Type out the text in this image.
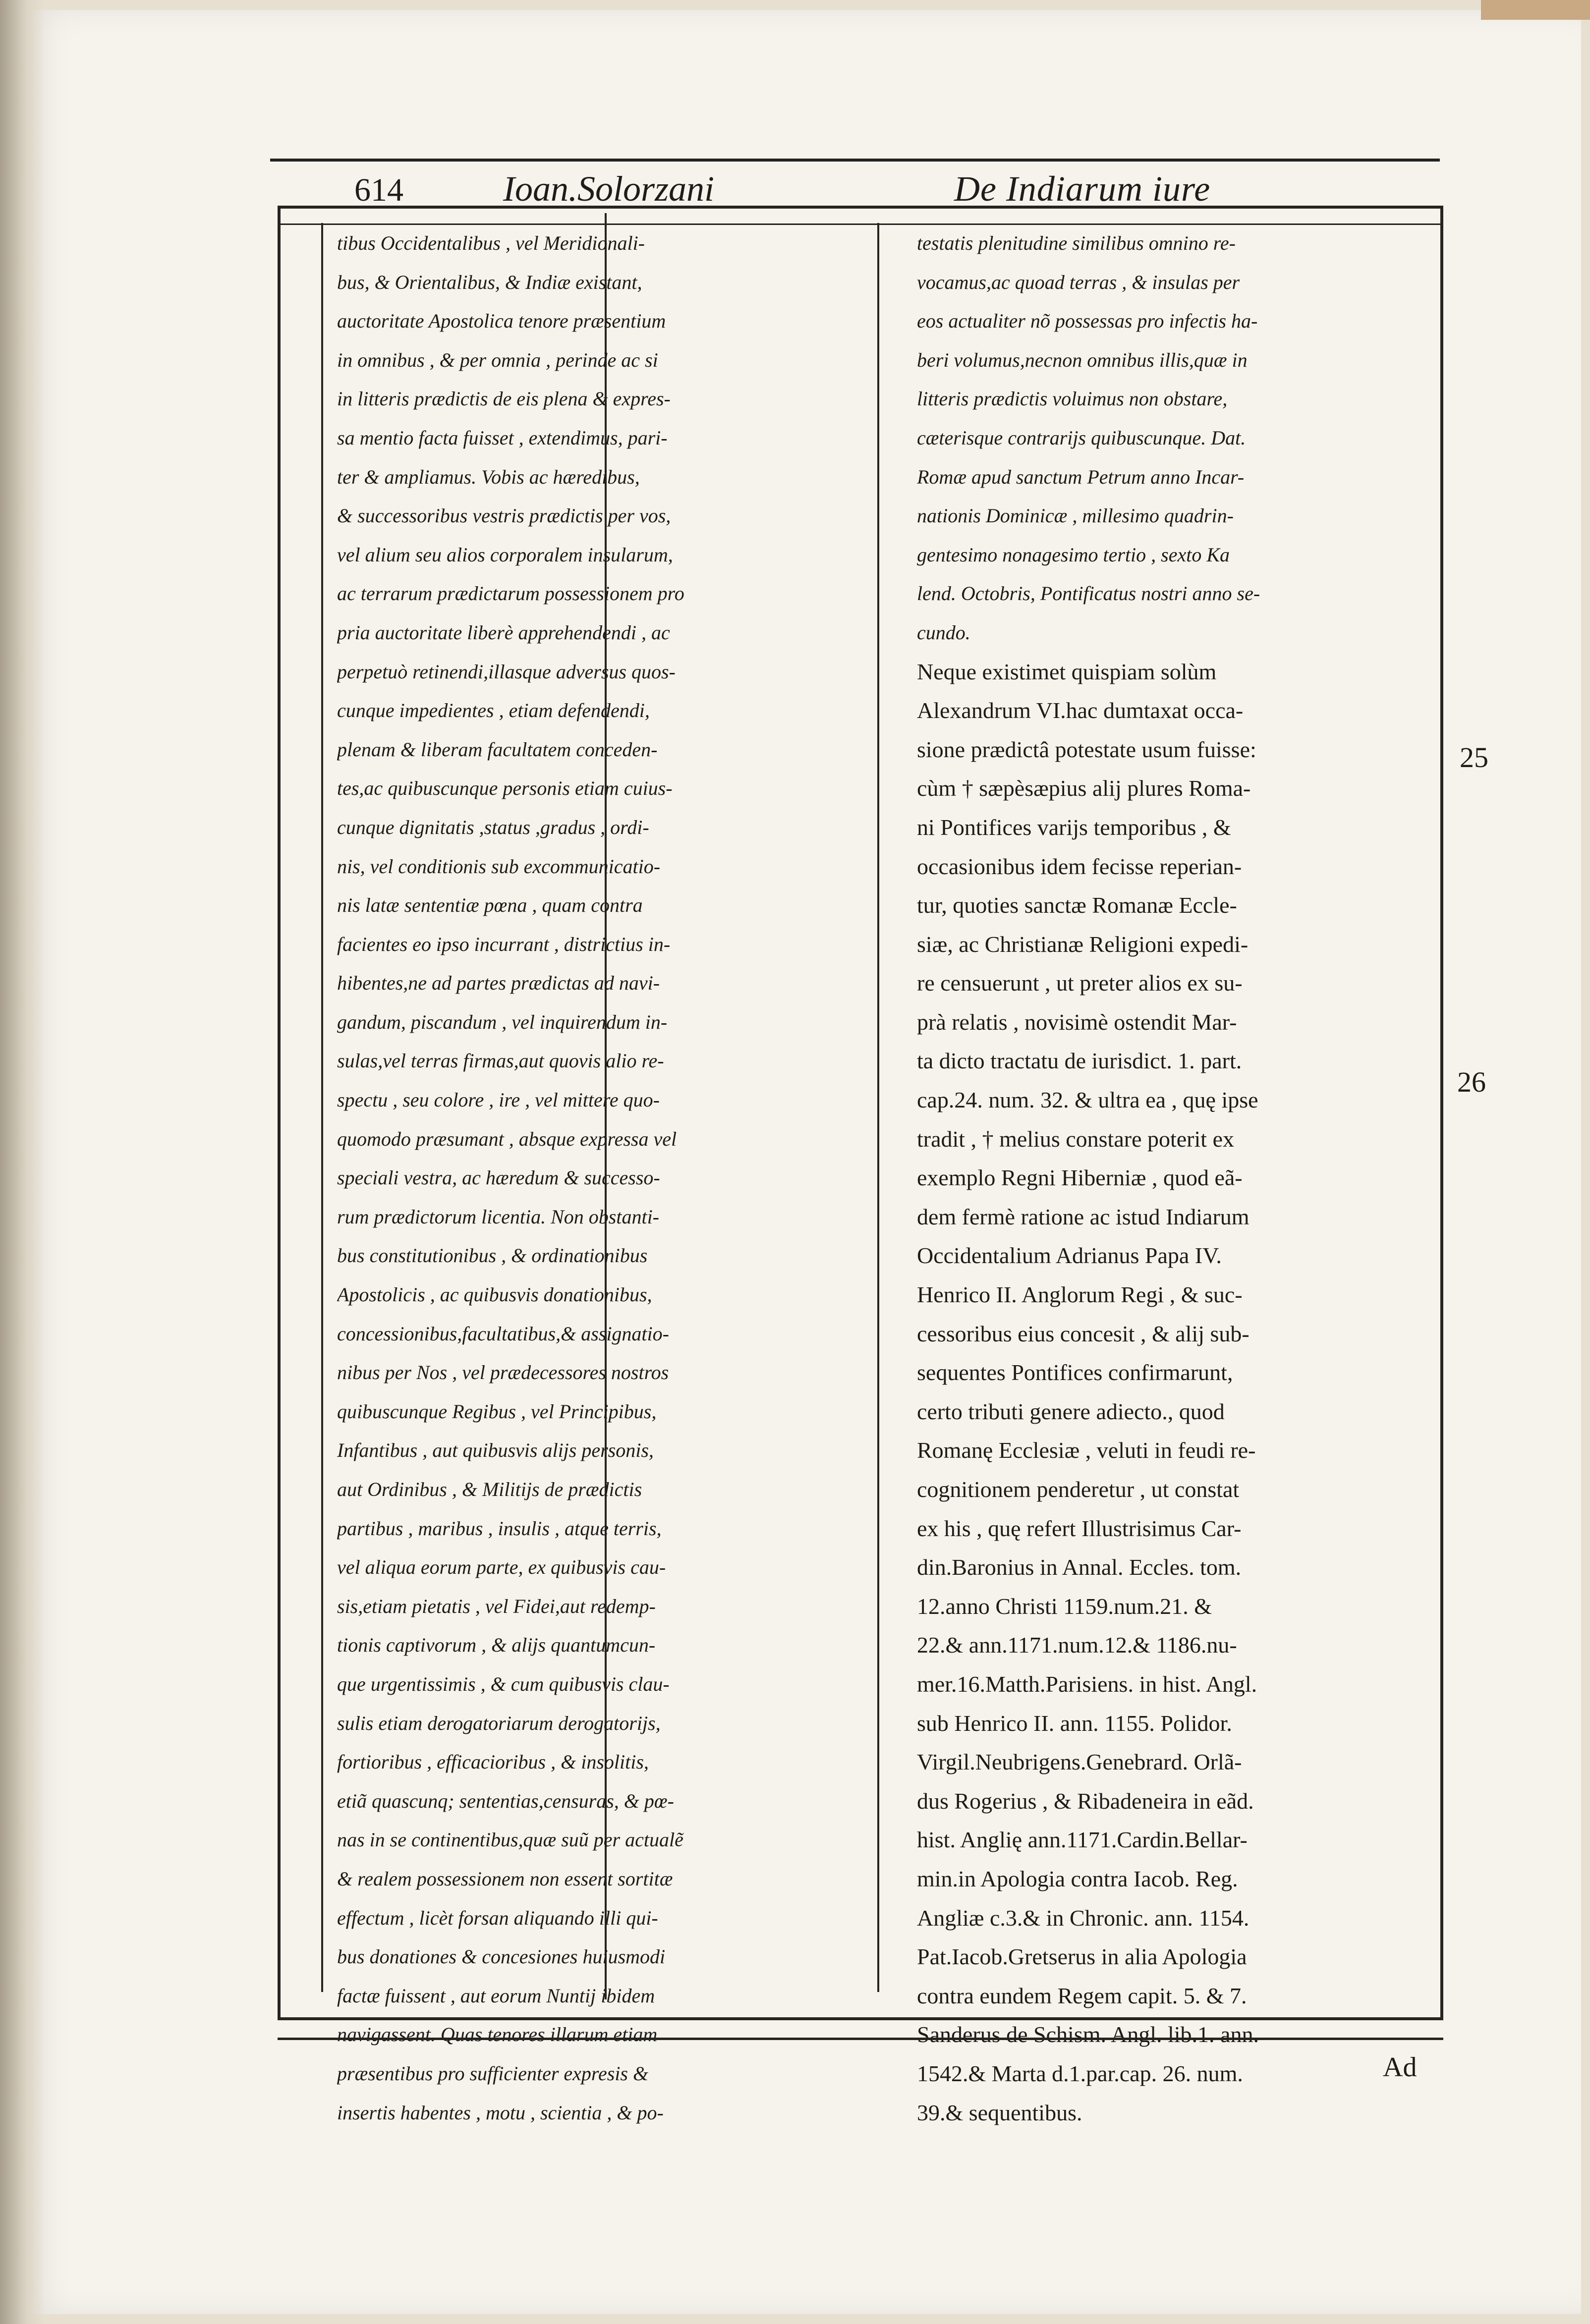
614	Ioan.Solorzani	De Indiarum iure
tibus Occidentalibus , vel Meridionali-
bus, & Orientalibus, & Indiæ existant,
auctoritate Apostolica tenore præsentium
in omnibus , & per omnia , perinde ac si
in litteris prædictis de eis plena & expres-
sa mentio facta fuisset , extendimus, pari-
ter & ampliamus. Vobis ac hæredibus,
& successoribus vestris prædictis per vos,
vel alium seu alios corporalem insularum,
ac terrarum prædictarum possessionem pro
pria auctoritate liberè apprehendendi , ac
perpetuò retinendi,illasque adversus quos-
cunque impedientes , etiam defendendi,
plenam & liberam facultatem conceden-
tes,ac quibuscunque personis etiam cuius-
cunque dignitatis ,status ,gradus , ordi-
nis, vel conditionis sub excommunicatio-
nis latæ sententiæ pœna , quam contra
facientes eo ipso incurrant , districtius in-
hibentes,ne ad partes prædictas ad navi-
gandum, piscandum , vel inquirendum in-
sulas,vel terras firmas,aut quovis alio re-
spectu , seu colore , ire , vel mittere quo-
quomodo præsumant , absque expressa vel
speciali vestra, ac hæredum & successo-
rum prædictorum licentia. Non obstanti-
bus constitutionibus , & ordinationibus
Apostolicis , ac quibusvis donationibus,
concessionibus,facultatibus,& assignatio-
nibus per Nos , vel prædecessores nostros
quibuscunque Regibus , vel Principibus,
Infantibus , aut quibusvis alijs personis,
aut Ordinibus , & Militijs de prædictis
partibus , maribus , insulis , atque terris,
vel aliqua eorum parte, ex quibusvis cau-
sis,etiam pietatis , vel Fidei,aut redemp-
tionis captivorum , & alijs quantumcun-
que urgentissimis , & cum quibusvis clau-
sulis etiam derogatoriarum derogatorijs,
fortioribus , efficacioribus , & insolitis,
etiã quascunq; sententias,censuras, & pœ-
nas in se continentibus,quæ suũ per actualẽ
& realem possessionem non essent sortitæ
effectum , licèt forsan aliquando illi qui-
bus donationes & concesiones huiusmodi
factæ fuissent , aut eorum Nuntij ibidem
navigassent. Quas tenores illarum etiam
præsentibus pro sufficienter expresis &
insertis habentes , motu , scientia , & po-
testatis plenitudine similibus omnino re-
vocamus,ac quoad terras , & insulas per
eos actualiter nõ possessas pro infectis ha-
beri volumus,necnon omnibus illis,quæ in
litteris prædictis voluimus non obstare,
cæterisque contrarijs quibuscunque. Dat.
Romæ apud sanctum Petrum anno Incar-
nationis Dominicæ , millesimo quadrin-
gentesimo nonagesimo tertio , sexto Ka
lend. Octobris, Pontificatus nostri anno se-
cundo.
Neque existimet quispiam solùm
Alexandrum VI.hac dumtaxat occa-
sione prædictâ potestate usum fuisse:
cùm † sæpèsæpius alij plures Roma-
ni Pontifices varijs temporibus , &
occasionibus idem fecisse reperian-
tur, quoties sanctæ Romanæ Eccle-
siæ, ac Christianæ Religioni expedi-
re censuerunt , ut preter alios ex su-
prà relatis , novisimè ostendit Mar-
ta dicto tractatu de iurisdict. 1. part.
cap.24. num. 32. & ultra ea , quę ipse
tradit , † melius constare poterit ex
exemplo Regni Hiberniæ , quod eã-
dem fermè ratione ac istud Indiarum
Occidentalium Adrianus Papa IV.
Henrico II. Anglorum Regi , & suc-
cessoribus eius concesit , & alij sub-
sequentes Pontifices confirmarunt,
certo tributi genere adiecto., quod
Romanę Ecclesiæ , veluti in feudi re-
cognitionem penderetur , ut constat
ex his , quę refert Illustrisimus Car-
din.Baronius in Annal. Eccles. tom.
12.anno Christi 1159.num.21. &
22.& ann.1171.num.12.& 1186.nu-
mer.16.Matth.Parisiens. in hist. Angl.
sub Henrico II. ann. 1155. Polidor.
Virgil.Neubrigens.Genebrard. Orlã-
dus Rogerius , & Ribadeneira in eãd.
hist. Anglię ann.1171.Cardin.Bellar-
min.in Apologia contra Iacob. Reg.
Angliæ c.3.& in Chronic. ann. 1154.
Pat.Iacob.Gretserus in alia Apologia
contra eundem Regem capit. 5. & 7.
Sanderus de Schism. Angl. lib.1. ann.
1542.& Marta d.1.par.cap. 26. num.
39.& sequentibus.
25
26
Ad
